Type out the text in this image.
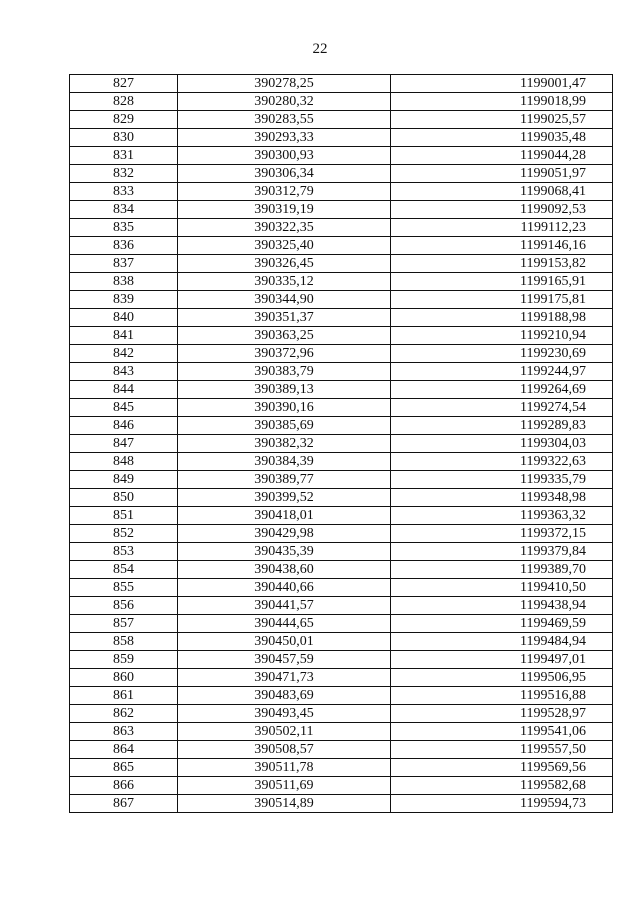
22
827	390278,25	1199001,47
828	390280,32	1199018,99
829	390283,55	1199025,57
830	390293,33	1199035,48
831	390300,93	1199044,28
832	390306,34	1199051,97
833	390312,79	1199068,41
834	390319,19	1199092,53
835	390322,35	1199112,23
836	390325,40	1199146,16
837	390326,45	1199153,82
838	390335,12	1199165,91
839	390344,90	1199175,81
840	390351,37	1199188,98
841	390363,25	1199210,94
842	390372,96	1199230,69
843	390383,79	1199244,97
844	390389,13	1199264,69
845	390390,16	1199274,54
846	390385,69	1199289,83
847	390382,32	1199304,03
848	390384,39	1199322,63
849	390389,77	1199335,79
850	390399,52	1199348,98
851	390418,01	1199363,32
852	390429,98	1199372,15
853	390435,39	1199379,84
854	390438,60	1199389,70
855	390440,66	1199410,50
856	390441,57	1199438,94
857	390444,65	1199469,59
858	390450,01	1199484,94
859	390457,59	1199497,01
860	390471,73	1199506,95
861	390483,69	1199516,88
862	390493,45	1199528,97
863	390502,11	1199541,06
864	390508,57	1199557,50
865	390511,78	1199569,56
866	390511,69	1199582,68
867	390514,89	1199594,73
